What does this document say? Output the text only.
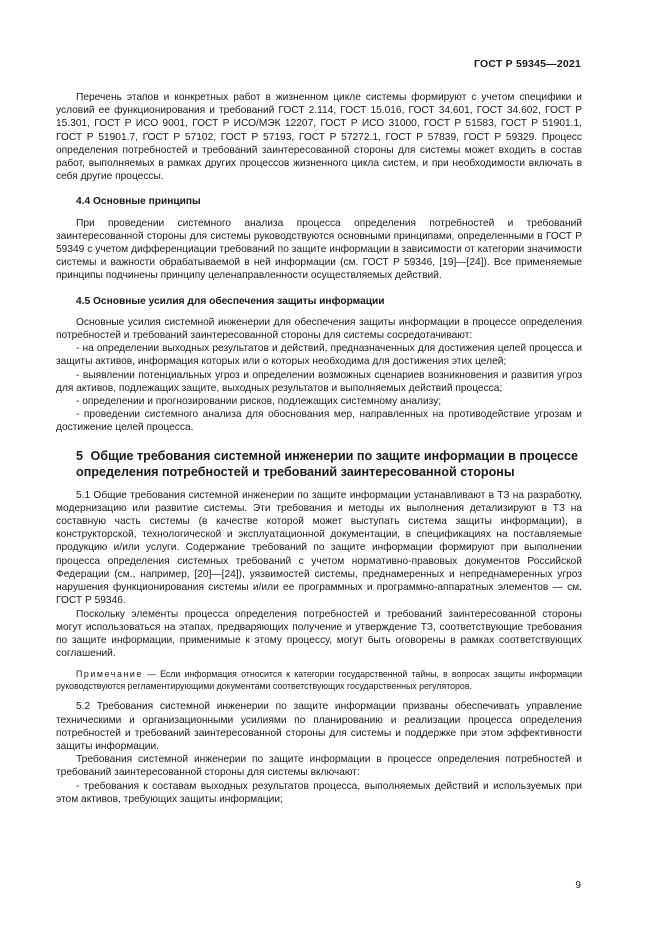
ГОСТ Р 59345—2021

Перечень этапов и конкретных работ в жизненном цикле системы формируют с учетом специфики и условий ее функционирования и требований ГОСТ 2.114, ГОСТ 15.016, ГОСТ 34.601, ГОСТ 34.602, ГОСТ Р 15.301, ГОСТ Р ИСО 9001, ГОСТ Р ИСО/МЭК 12207, ГОСТ Р ИСО 31000, ГОСТ Р 51583, ГОСТ Р 51901.1, ГОСТ Р 51901.7, ГОСТ Р 57102, ГОСТ Р 57193, ГОСТ Р 57272.1, ГОСТ Р 57839, ГОСТ Р 59329. Процесс определения потребностей и требований заинтересованной стороны для системы может входить в состав работ, выполняемых в рамках других процессов жизненного цикла систем, и при необходимости включать в себя другие процессы.

4.4 Основные принципы

При проведении системного анализа процесса определения потребностей и требований заинтересованной стороны для системы руководствуются основными принципами, определенными в ГОСТ Р 59349 с учетом дифференциации требований по защите информации в зависимости от категории значимости системы и важности обрабатываемой в ней информации (см. ГОСТ Р 59346, [19]—[24]). Все применяемые принципы подчинены принципу целенаправленности осуществляемых действий.

4.5 Основные усилия для обеспечения защиты информации

Основные усилия системной инженерии для обеспечения защиты информации в процессе определения потребностей и требований заинтересованной стороны для системы сосредотачивают:

- на определении выходных результатов и действий, предназначенных для достижения целей процесса и защиты активов, информация которых или о которых необходима для достижения этих целей;

- выявлении потенциальных угроз и определении возможных сценариев возникновения и развития угроз для активов, подлежащих защите, выходных результатов и выполняемых действий процесса;

- определении и прогнозировании рисков, подлежащих системному анализу;

- проведении системного анализа для обоснования мер, направленных на противодействие угрозам и достижение целей процесса.

5 Общие требования системной инженерии по защите информации в процессе определения потребностей и требований заинтересованной стороны

5.1 Общие требования системной инженерии по защите информации устанавливают в ТЗ на разработку, модернизацию или развитие системы. Эти требования и методы их выполнения детализируют в ТЗ на составную часть системы (в качестве которой может выступать система защиты информации), в конструкторской, технологической и эксплуатационной документации, в спецификациях на поставляемые продукцию и/или услуги. Содержание требований по защите информации формируют при выполнении процесса определения системных требований с учетом нормативно-правовых документов Российской Федерации (см., например, [20]—[24]), уязвимостей системы, преднамеренных и непреднамеренных угроз нарушения функционирования системы и/или ее программных и программно-аппаратных элементов — см. ГОСТ Р 59346.

Поскольку элементы процесса определения потребностей и требований заинтересованной стороны могут использоваться на этапах, предваряющих получение и утверждение ТЗ, соответствующие требования по защите информации, применимые к этому процессу, могут быть оговорены в рамках соответствующих соглашений.

Примечание — Если информация относится к категории государственной тайны, в вопросах защиты информации руководствуются регламентирующими документами соответствующих государственных регуляторов.

5.2 Требования системной инженерии по защите информации призваны обеспечивать управление техническими и организационными усилиями по планированию и реализации процесса определения потребностей и требований заинтересованной стороны для системы и поддержке при этом эффективности защиты информации.

Требования системной инженерии по защите информации в процессе определения потребностей и требований заинтересованной стороны для системы включают:

- требования к составам выходных результатов процесса, выполняемых действий и используемых при этом активов, требующих защиты информации;

9
